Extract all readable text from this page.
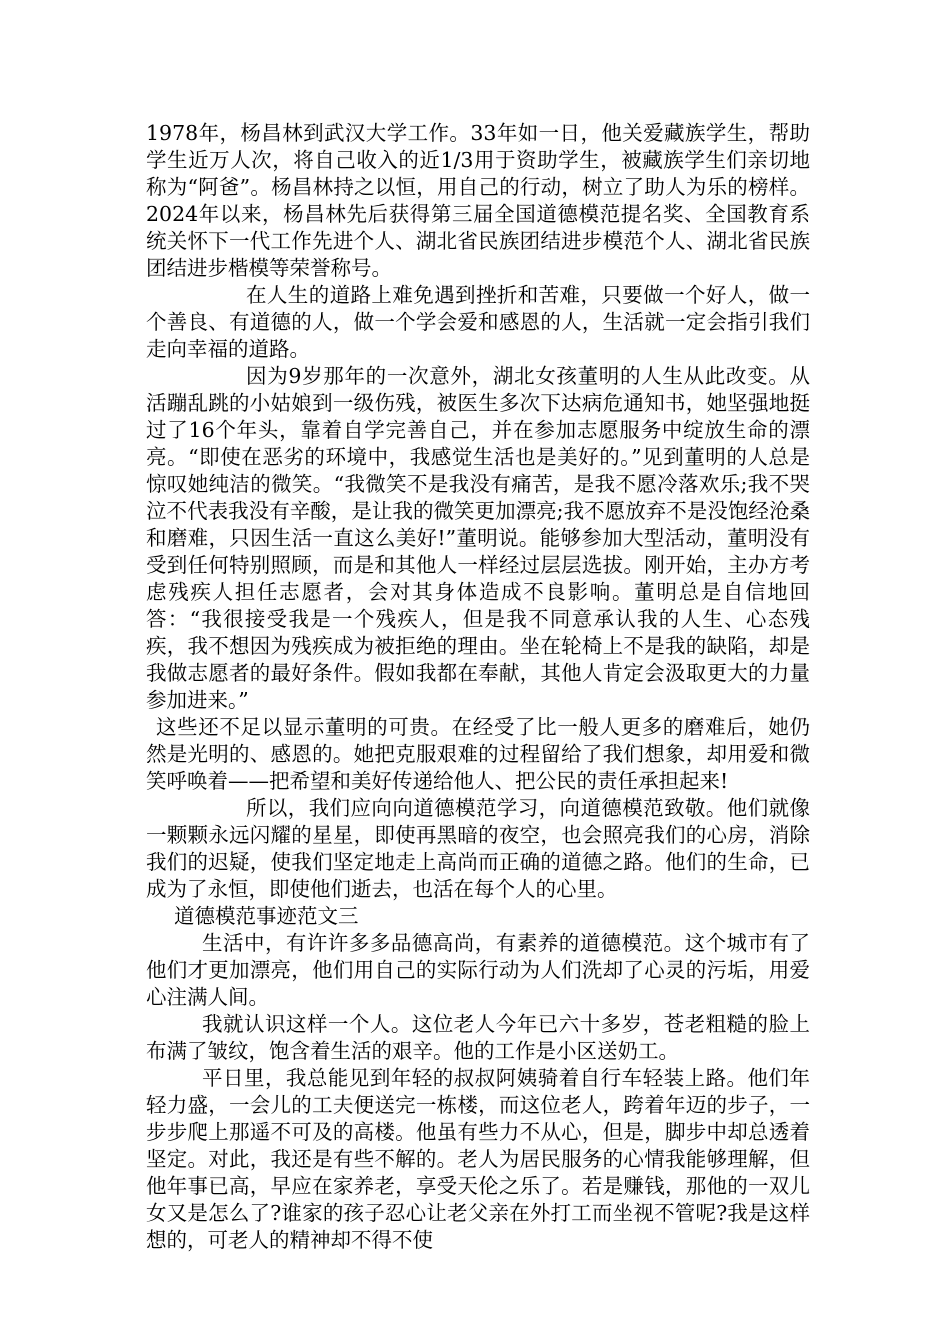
1978年，杨昌林到武汉大学工作。33年如一日，他关爱藏族学生，帮助学生近万人次，将自己收入的近1/3用于资助学生，被藏族学生们亲切地称为“阿爸”。杨昌林持之以恒，用自己的行动，树立了助人为乐的榜样。2024年以来，杨昌林先后获得第三届全国道德模范提名奖、全国教育系统关怀下一代工作先进个人、湖北省民族团结进步模范个人、湖北省民族团结进步楷模等荣誉称号。

在人生的道路上难免遇到挫折和苦难，只要做一个好人，做一个善良、有道德的人，做一个学会爱和感恩的人，生活就一定会指引我们走向幸福的道路。

因为9岁那年的一次意外，湖北女孩董明的人生从此改变。从活蹦乱跳的小姑娘到一级伤残，被医生多次下达病危通知书，她坚强地挺过了16个年头，靠着自学完善自己，并在参加志愿服务中绽放生命的漂亮。“即使在恶劣的环境中，我感觉生活也是美好的。”见到董明的人总是惊叹她纯洁的微笑。“我微笑不是我没有痛苦，是我不愿冷落欢乐;我不哭泣不代表我没有辛酸，是让我的微笑更加漂亮;我不愿放弃不是没饱经沧桑和磨难，只因生活一直这么美好!”董明说。能够参加大型活动，董明没有受到任何特别照顾，而是和其他人一样经过层层选拔。刚开始，主办方考虑残疾人担任志愿者，会对其身体造成不良影响。董明总是自信地回答：“我很接受我是一个残疾人，但是我不同意承认我的人生、心态残疾，我不想因为残疾成为被拒绝的理由。坐在轮椅上不是我的缺陷，却是我做志愿者的最好条件。假如我都在奉献，其他人肯定会汲取更大的力量参加进来。”

这些还不足以显示董明的可贵。在经受了比一般人更多的磨难后，她仍然是光明的、感恩的。她把克服艰难的过程留给了我们想象，却用爱和微笑呼唤着——把希望和美好传递给他人、把公民的责任承担起来!

所以，我们应向向道德模范学习，向道德模范致敬。他们就像一颗颗永远闪耀的星星，即使再黑暗的夜空，也会照亮我们的心房，消除我们的迟疑，使我们坚定地走上高尚而正确的道德之路。他们的生命，已成为了永恒，即使他们逝去，也活在每个人的心里。

道德模范事迹范文三

生活中，有许许多多品德高尚，有素养的道德模范。这个城市有了他们才更加漂亮，他们用自己的实际行动为人们洗却了心灵的污垢，用爱心注满人间。

我就认识这样一个人。这位老人今年已六十多岁，苍老粗糙的脸上布满了皱纹，饱含着生活的艰辛。他的工作是小区送奶工。

平日里，我总能见到年轻的叔叔阿姨骑着自行车轻装上路。他们年轻力盛，一会儿的工夫便送完一栋楼，而这位老人，跨着年迈的步子，一步步爬上那遥不可及的高楼。他虽有些力不从心，但是，脚步中却总透着坚定。对此，我还是有些不解的。老人为居民服务的心情我能够理解，但他年事已高，早应在家养老，享受天伦之乐了。若是赚钱，那他的一双儿女又是怎么了?谁家的孩子忍心让老父亲在外打工而坐视不管呢?我是这样想的，可老人的精神却不得不使
